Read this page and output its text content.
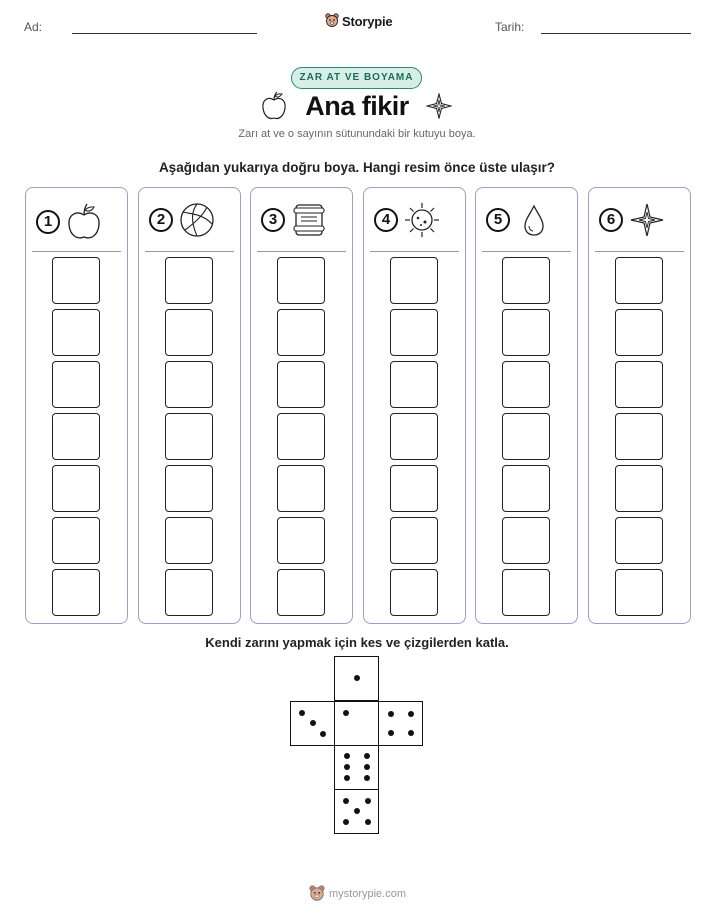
Ad:	Storypie	Tarih:
ZAR AT VE BOYAMA
Ana fikir
Zarı at ve o sayının sütunundaki bir kutuyu boya.
Aşağıdan yukarıya doğru boya. Hangi resim önce üste ulaşır?
1	2	3	4	5	6
Kendi zarını yapmak için kes ve çizgilerden katla.
mystorypie.com
